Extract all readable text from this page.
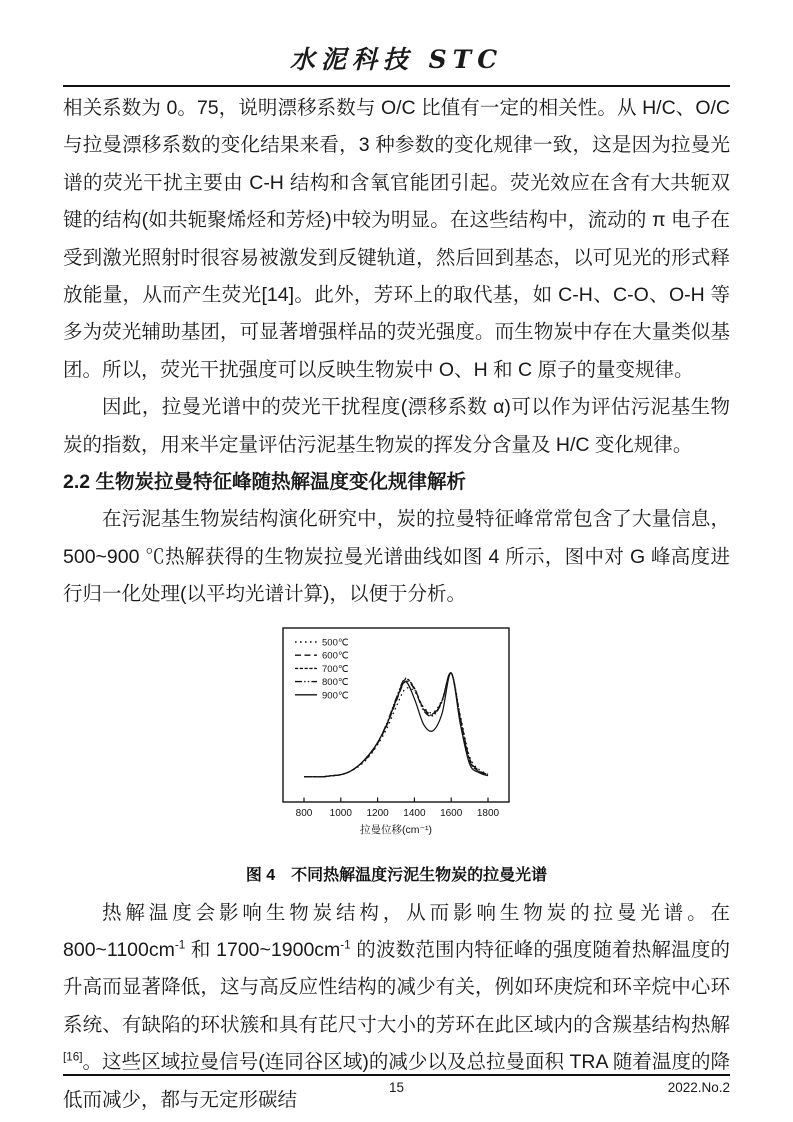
水泥科技 STC

相关系数为 0。75，说明漂移系数与 O/C 比值有一定的相关性。从 H/C、O/C 与拉曼漂移系数的变化结果来看，3 种参数的变化规律一致，这是因为拉曼光谱的荧光干扰主要由 C-H 结构和含氧官能团引起。荧光效应在含有大共轭双键的结构(如共轭聚烯烃和芳烃)中较为明显。在这些结构中，流动的 π 电子在受到激光照射时很容易被激发到反键轨道，然后回到基态，以可见光的形式释放能量，从而产生荧光[14]。此外，芳环上的取代基，如 C-H、C-O、O-H 等多为荧光辅助基团，可显著增强样品的荧光强度。而生物炭中存在大量类似基团。所以，荧光干扰强度可以反映生物炭中 O、H 和 C 原子的量变规律。

因此，拉曼光谱中的荧光干扰程度(漂移系数 α)可以作为评估污泥基生物炭的指数，用来半定量评估污泥基生物炭的挥发分含量及 H/C 变化规律。

2.2 生物炭拉曼特征峰随热解温度变化规律解析

在污泥基生物炭结构演化研究中，炭的拉曼特征峰常常包含了大量信息，500~900 ℃热解获得的生物炭拉曼光谱曲线如图 4 所示，图中对 G 峰高度进行归一化处理(以平均光谱计算)，以便于分析。

800 1000 1200 1400 1600 1800
拉曼位移(cm⁻¹)
500℃
600℃
700℃
800℃
900℃
图 4　不同热解温度污泥生物炭的拉曼光谱

热解温度会影响生物炭结构，从而影响生物炭的拉曼光谱。在 $800\sim 1100cm^{-1}$ 和 $1700\sim 1900cm^{-1}$ 的波数范围内特征峰的强度随着热解温度的升高而显著降低，这与高反应性结构的减少有关，例如环庚烷和环辛烷中心环系统、有缺陷的环状簇和具有芘尺寸大小的芳环在此区域内的含羰基结构热解[16]。这些区域拉曼信号(连同谷区域)的减少以及总拉曼面积 TRA 随着温度的降低而减少，都与无定形碳结

15	2022.No.2
